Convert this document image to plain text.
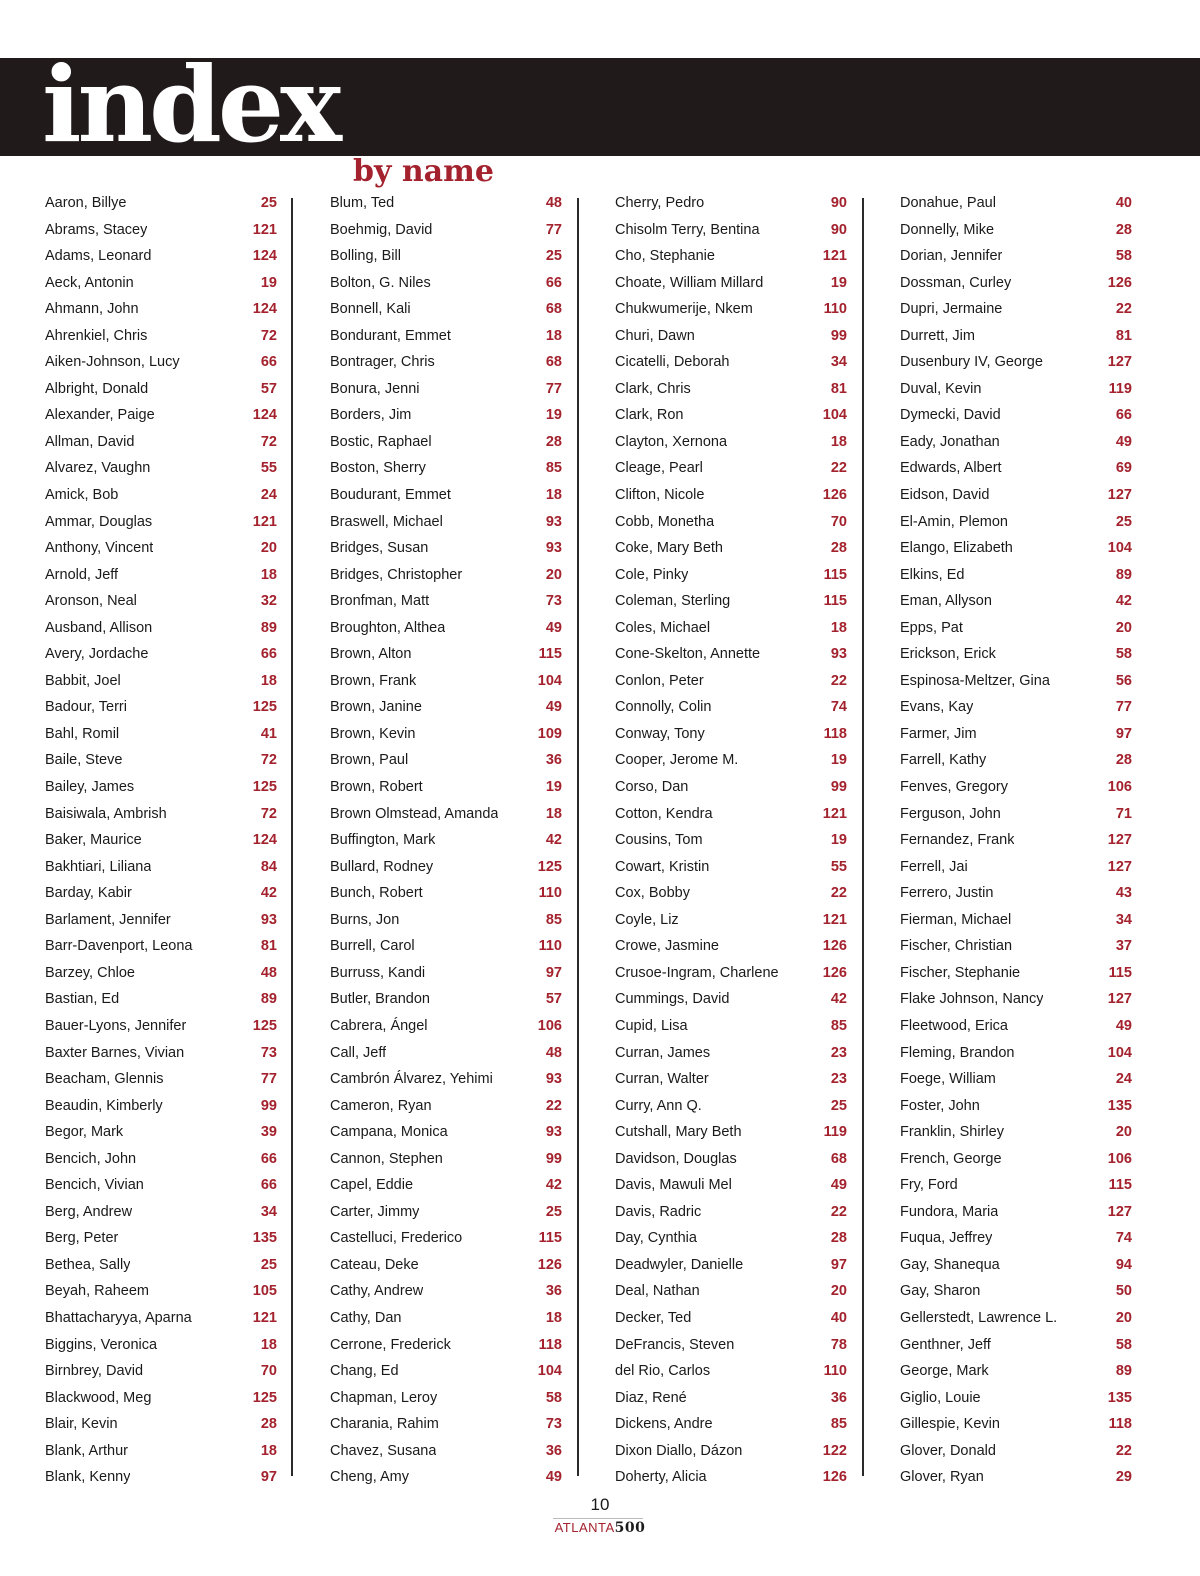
index
by name
Aaron, Billye	25
Abrams, Stacey	121
Adams, Leonard	124
Aeck, Antonin	19
Ahmann, John	124
Ahrenkiel, Chris	72
Aiken-Johnson, Lucy	66
Albright, Donald	57
Alexander, Paige	124
Allman, David	72
Alvarez, Vaughn	55
Amick, Bob	24
Ammar, Douglas	121
Anthony, Vincent	20
Arnold, Jeff	18
Aronson, Neal	32
Ausband, Allison	89
Avery, Jordache	66
Babbit, Joel	18
Badour, Terri	125
Bahl, Romil	41
Baile, Steve	72
Bailey, James	125
Baisiwala, Ambrish	72
Baker, Maurice	124
Bakhtiari, Liliana	84
Barday, Kabir	42
Barlament, Jennifer	93
Barr-Davenport, Leona	81
Barzey, Chloe	48
Bastian, Ed	89
Bauer-Lyons, Jennifer	125
Baxter Barnes, Vivian	73
Beacham, Glennis	77
Beaudin, Kimberly	99
Begor, Mark	39
Bencich, John	66
Bencich, Vivian	66
Berg, Andrew	34
Berg, Peter	135
Bethea, Sally	25
Beyah, Raheem	105
Bhattacharyya, Aparna	121
Biggins, Veronica	18
Birnbrey, David	70
Blackwood, Meg	125
Blair, Kevin	28
Blank, Arthur	18
Blank, Kenny	97
Blum, Ted	48
Boehmig, David	77
Bolling, Bill	25
Bolton, G. Niles	66
Bonnell, Kali	68
Bondurant, Emmet	18
Bontrager, Chris	68
Bonura, Jenni	77
Borders, Jim	19
Bostic, Raphael	28
Boston, Sherry	85
Boudurant, Emmet	18
Braswell, Michael	93
Bridges, Susan	93
Bridges, Christopher	20
Bronfman, Matt	73
Broughton, Althea	49
Brown, Alton	115
Brown, Frank	104
Brown, Janine	49
Brown, Kevin	109
Brown, Paul	36
Brown, Robert	19
Brown Olmstead, Amanda	18
Buffington, Mark	42
Bullard, Rodney	125
Bunch, Robert	110
Burns, Jon	85
Burrell, Carol	110
Burruss, Kandi	97
Butler, Brandon	57
Cabrera, Ángel	106
Call, Jeff	48
Cambrón Álvarez, Yehimi	93
Cameron, Ryan	22
Campana, Monica	93
Cannon, Stephen	99
Capel, Eddie	42
Carter, Jimmy	25
Castelluci, Frederico	115
Cateau, Deke	126
Cathy, Andrew	36
Cathy, Dan	18
Cerrone, Frederick	118
Chang, Ed	104
Chapman, Leroy	58
Charania, Rahim	73
Chavez, Susana	36
Cheng, Amy	49
Cherry, Pedro	90
Chisolm Terry, Bentina	90
Cho, Stephanie	121
Choate, William Millard	19
Chukwumerije, Nkem	110
Churi, Dawn	99
Cicatelli, Deborah	34
Clark, Chris	81
Clark, Ron	104
Clayton, Xernona	18
Cleage, Pearl	22
Clifton, Nicole	126
Cobb, Monetha	70
Coke, Mary Beth	28
Cole, Pinky	115
Coleman, Sterling	115
Coles, Michael	18
Cone-Skelton, Annette	93
Conlon, Peter	22
Connolly, Colin	74
Conway, Tony	118
Cooper, Jerome M.	19
Corso, Dan	99
Cotton, Kendra	121
Cousins, Tom	19
Cowart, Kristin	55
Cox, Bobby	22
Coyle, Liz	121
Crowe, Jasmine	126
Crusoe-Ingram, Charlene	126
Cummings, David	42
Cupid, Lisa	85
Curran, James	23
Curran, Walter	23
Curry, Ann Q.	25
Cutshall, Mary Beth	119
Davidson, Douglas	68
Davis, Mawuli Mel	49
Davis, Radric	22
Day, Cynthia	28
Deadwyler, Danielle	97
Deal, Nathan	20
Decker, Ted	40
DeFrancis, Steven	78
del Rio, Carlos	110
Diaz, René	36
Dickens, Andre	85
Dixon Diallo, Dázon	122
Doherty, Alicia	126
Donahue, Paul	40
Donnelly, Mike	28
Dorian, Jennifer	58
Dossman, Curley	126
Dupri, Jermaine	22
Durrett, Jim	81
Dusenbury IV, George	127
Duval, Kevin	119
Dymecki, David	66
Eady, Jonathan	49
Edwards, Albert	69
Eidson, David	127
El-Amin, Plemon	25
Elango, Elizabeth	104
Elkins, Ed	89
Eman, Allyson	42
Epps, Pat	20
Erickson, Erick	58
Espinosa-Meltzer, Gina	56
Evans, Kay	77
Farmer, Jim	97
Farrell, Kathy	28
Fenves, Gregory	106
Ferguson, John	71
Fernandez, Frank	127
Ferrell, Jai	127
Ferrero, Justin	43
Fierman, Michael	34
Fischer, Christian	37
Fischer, Stephanie	115
Flake Johnson, Nancy	127
Fleetwood, Erica	49
Fleming, Brandon	104
Foege, William	24
Foster, John	135
Franklin, Shirley	20
French, George	106
Fry, Ford	115
Fundora, Maria	127
Fuqua, Jeffrey	74
Gay, Shanequa	94
Gay, Sharon	50
Gellerstedt, Lawrence L.	20
Genthner, Jeff	58
George, Mark	89
Giglio, Louie	135
Gillespie, Kevin	118
Glover, Donald	22
Glover, Ryan	29
10
ATLANTA500
